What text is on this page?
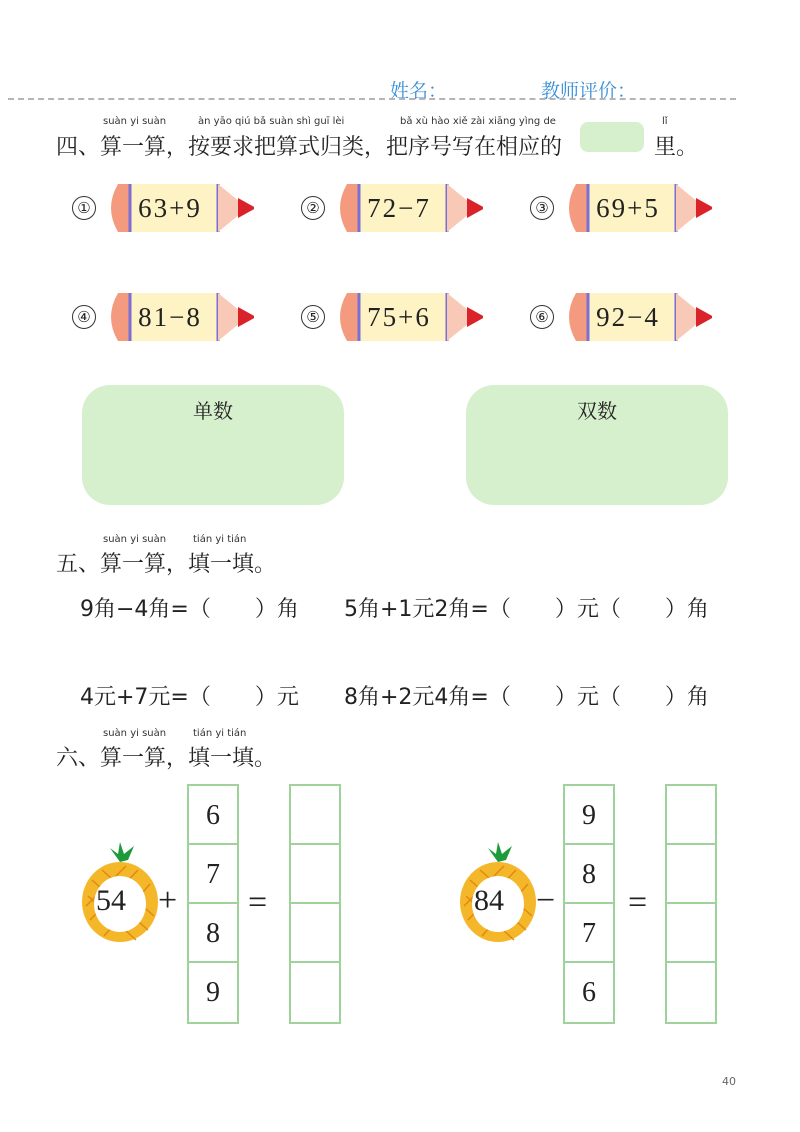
姓名：	教师评价：
suàn yi suàn	àn yāo qiú bǎ suàn shì guī lèi	bǎ xù hào xiě zài xiāng yìng de	lǐ
四、 算一算，按要求把算式归类，把序号写在相应的	里。
①	63+9	②	72−7	③	69+5
④	81−8	⑤	75+6	⑥	92−4
单数	双数
suàn yi suàn	tián yi tián
五、 算一算，填一填。
9角−4角=（　　）角 5角+1元2角=（　　）元（　　）角
4元+7元=（　　）元 8角+2元4角=（　　）元（　　）角
suàn yi suàn	tián yi tián
六、 算一算，填一填。
54 +
6
7
8
9
=	84 −
9
8
7
6
=
40
